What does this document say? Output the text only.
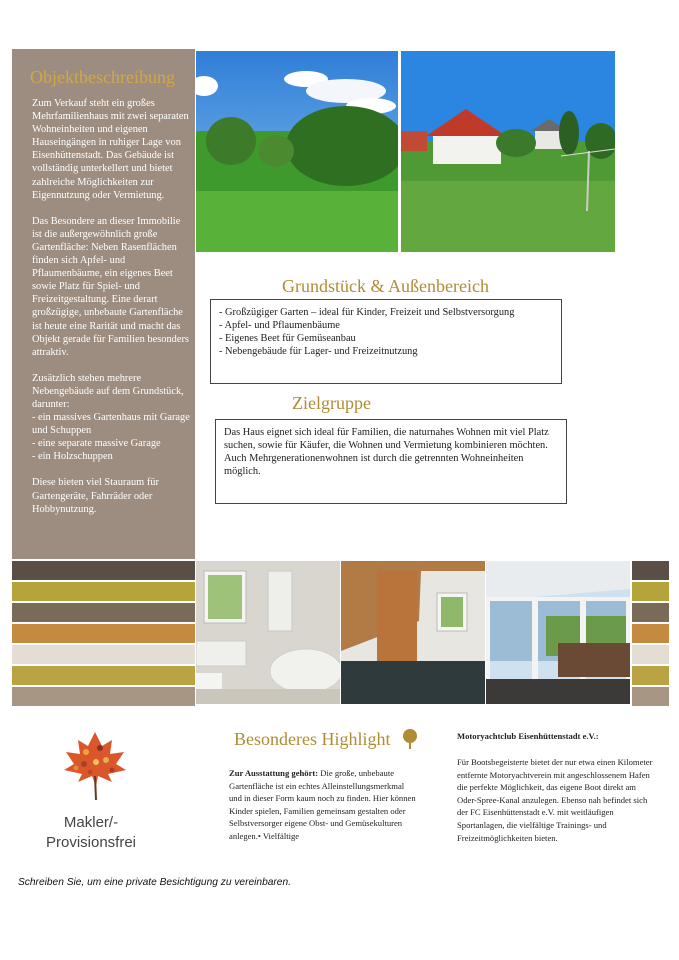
Objektbeschreibung

Zum Verkauf steht ein großes Mehrfamilienhaus mit zwei separaten Wohneinheiten und eigenen Hauseingängen in ruhiger Lage von Eisenhüttenstadt. Das Gebäude ist vollständig unterkellert und bietet zahlreiche Möglichkeiten zur Eigennutzung oder Vermietung.

Das Besondere an dieser Immobilie ist die außergewöhnlich große Gartenfläche: Neben Rasenflächen finden sich Apfel- und Pflaumenbäume, ein eigenes Beet sowie Platz für Spiel- und Freizeitgestaltung. Eine derart großzügige, unbebaute Gartenfläche ist heute eine Rarität und macht das Objekt gerade für Familien besonders attraktiv.

Zusätzlich stehen mehrere Nebengebäude auf dem Grundstück, darunter:
- ein massives Gartenhaus mit Garage und Schuppen
- eine separate massive Garage
- ein Holzschuppen

Diese bieten viel Stauraum für Gartengeräte, Fahrräder oder Hobbynutzung.

Grundstück & Außenbereich
- Großzügiger Garten – ideal für Kinder, Freizeit und Selbstversorgung
- Apfel- und Pflaumenbäume
- Eigenes Beet für Gemüseanbau
- Nebengebäude für Lager- und Freizeitnutzung
Zielgruppe
Das Haus eignet sich ideal für Familien, die naturnahes Wohnen mit viel Platz suchen, sowie für Käufer, die Wohnen und Vermietung kombinieren möchten. Auch Mehrgenerationenwohnen ist durch die getrennten Wohneinheiten möglich.
Makler/-
Provisionsfrei
Besonderes Highlight
Zur Ausstattung gehört: Die große, unbebaute Gartenfläche ist ein echtes Alleinstellungsmerkmal und in dieser Form kaum noch zu finden. Hier können Kinder spielen, Familien gemeinsam gestalten oder Selbstversorger eigene Obst- und Gemüsekulturen anlegen.• Vielfältige
Motoryachtclub Eisenhüttenstadt e.V.:
Für Bootsbegeisterte bietet der nur etwa einen Kilometer entfernte Motoryachtverein mit angeschlossenem Hafen die perfekte Möglichkeit, das eigene Boot direkt am Oder-Spree-Kanal anzulegen. Ebenso nah befindet sich der FC Eisenhüttenstadt e.V. mit weitläufigen Sportanlagen, die vielfältige Trainings- und Freizeitmöglichkeiten bieten.
Schreiben Sie, um eine private Besichtigung zu vereinbaren.
